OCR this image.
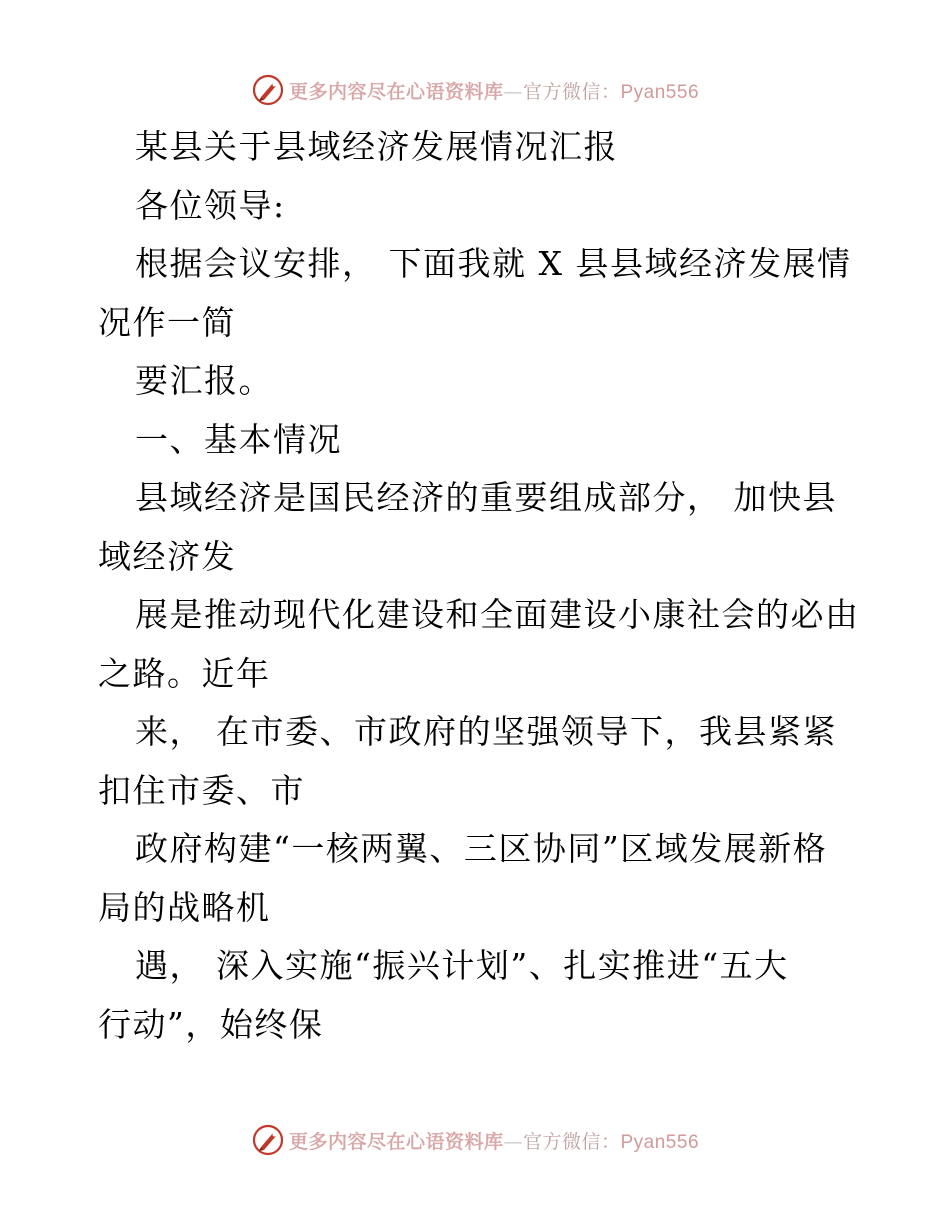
更多内容尽在心语资料库—官方微信：Pyan556
某县关于县域经济发展情况汇报
各位领导:
根据会议安排， 下面我就 X 县县域经济发展情
况作一简
要汇报。
一、基本情况
县域经济是国民经济的重要组成部分， 加快县
域经济发
展是推动现代化建设和全面建设小康社会的必由
之路。近年
来， 在市委、市政府的坚强领导下，我县紧紧
扣住市委、市
政府构建“一核两翼、三区协同”区域发展新格
局的战略机
遇， 深入实施“振兴计划”、扎实推进“五大
行动”，始终保
更多内容尽在心语资料库—官方微信：Pyan556
